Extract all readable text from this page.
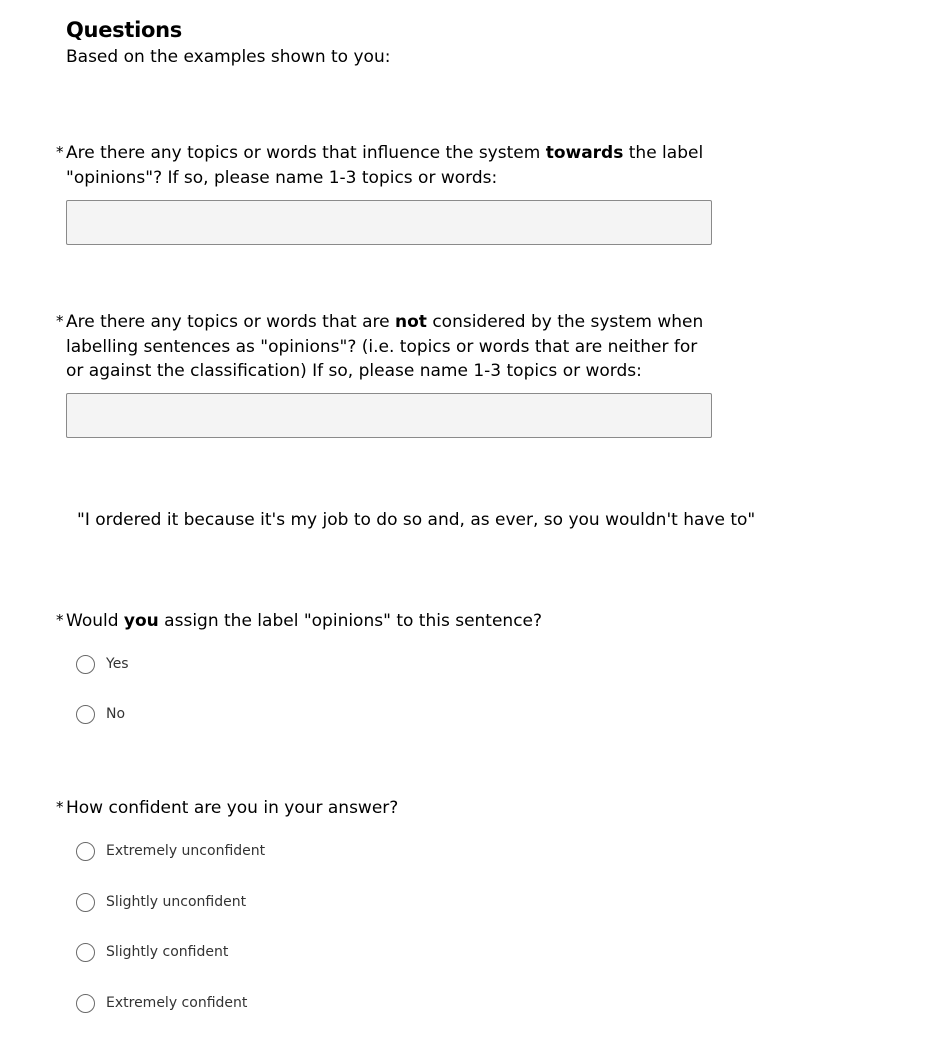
Questions
Based on the examples shown to you:
* Are there any topics or words that influence the system towards the label "opinions"? If so, please name 1-3 topics or words:
* Are there any topics or words that are not considered by the system when labelling sentences as "opinions"? (i.e. topics or words that are neither for or against the classification) If so, please name 1-3 topics or words:
"I ordered it because it's my job to do so and, as ever, so you wouldn't have to"
* Would you assign the label "opinions" to this sentence?
Yes
No
* How confident are you in your answer?
Extremely unconfident
Slightly unconfident
Slightly confident
Extremely confident
